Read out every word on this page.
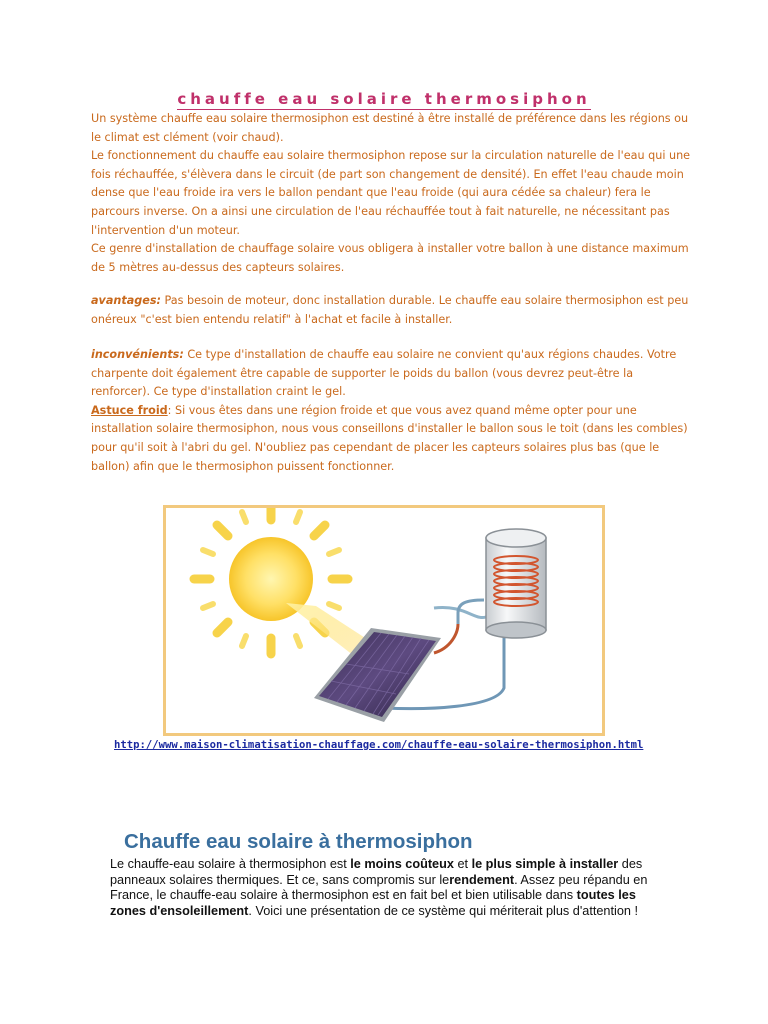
chauffe eau solaire thermosiphon

Un système chauffe eau solaire thermosiphon est destiné à être installé de préférence dans les régions ou le climat est clément (voir chaud).

Le fonctionnement du chauffe eau solaire thermosiphon repose sur la circulation naturelle de l'eau qui une fois réchauffée, s'élèvera dans le circuit (de part son changement de densité). En effet l'eau chaude moin dense que l'eau froide ira vers le ballon pendant que l'eau froide (qui aura cédée sa chaleur) fera le parcours inverse. On a ainsi une circulation de l'eau réchauffée tout à fait naturelle, ne nécessitant pas l'intervention d'un moteur.

Ce genre d'installation de chauffage solaire vous obligera à installer votre ballon à une distance maximum de 5 mètres au-dessus des capteurs solaires.

avantages: Pas besoin de moteur, donc installation durable. Le chauffe eau solaire thermosiphon est peu onéreux "c'est bien entendu relatif" à l'achat et facile à installer.

inconvénients: Ce type d'installation de chauffe eau solaire ne convient qu'aux régions chaudes. Votre charpente doit également être capable de supporter le poids du ballon (vous devrez peut-être la renforcer). Ce type d'installation craint le gel.

Astuce froid: Si vous êtes dans une région froide et que vous avez quand même opter pour une installation solaire thermosiphon, nous vous conseillons d'installer le ballon sous le toit (dans les combles) pour qu'il soit à l'abri du gel. N'oubliez pas cependant de placer les capteurs solaires plus bas (que le ballon) afin que le thermosiphon puissent fonctionner.

http://www.maison-climatisation-chauffage.com/chauffe-eau-solaire-thermosiphon.html
Chauffe eau solaire à thermosiphon
Le chauffe-eau solaire à thermosiphon est le moins coûteux et le plus simple à installer des panneaux solaires thermiques. Et ce, sans compromis sur lerendement. Assez peu répandu en France, le chauffe-eau solaire à thermosiphon est en fait bel et bien utilisable dans toutes les zones d'ensoleillement. Voici une présentation de ce système qui mériterait plus d'attention !
